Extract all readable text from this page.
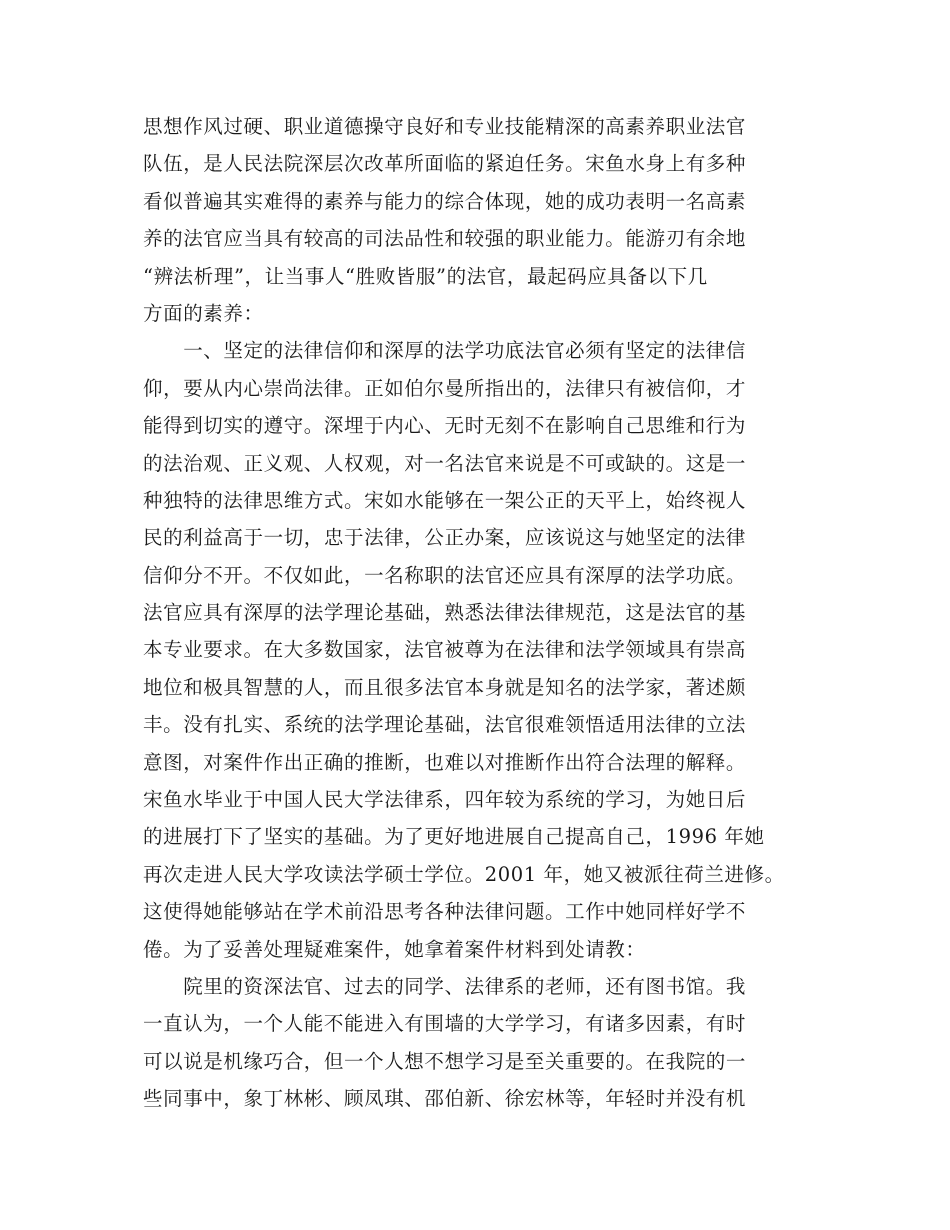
思想作风过硬、职业道德操守良好和专业技能精深的高素养职业法官
队伍，是人民法院深层次改革所面临的紧迫任务。宋鱼水身上有多种
看似普遍其实难得的素养与能力的综合体现，她的成功表明一名高素
养的法官应当具有较高的司法品性和较强的职业能力。能游刃有余地
“辨法析理”，让当事人“胜败皆服”的法官，最起码应具备以下几
方面的素养：
　　一、坚定的法律信仰和深厚的法学功底法官必须有坚定的法律信
仰，要从内心崇尚法律。正如伯尔曼所指出的，法律只有被信仰，才
能得到切实的遵守。深埋于内心、无时无刻不在影响自己思维和行为
的法治观、正义观、人权观，对一名法官来说是不可或缺的。这是一
种独特的法律思维方式。宋如水能够在一架公正的天平上，始终视人
民的利益高于一切，忠于法律，公正办案，应该说这与她坚定的法律
信仰分不开。不仅如此，一名称职的法官还应具有深厚的法学功底。
法官应具有深厚的法学理论基础，熟悉法律法律规范，这是法官的基
本专业要求。在大多数国家，法官被尊为在法律和法学领域具有崇高
地位和极具智慧的人，而且很多法官本身就是知名的法学家，著述颇
丰。没有扎实、系统的法学理论基础，法官很难领悟适用法律的立法
意图，对案件作出正确的推断，也难以对推断作出符合法理的解释。
宋鱼水毕业于中国人民大学法律系，四年较为系统的学习，为她日后
的进展打下了坚实的基础。为了更好地进展自己提高自己，1996 年她
再次走进人民大学攻读法学硕士学位。2001 年，她又被派往荷兰进修。
这使得她能够站在学术前沿思考各种法律问题。工作中她同样好学不
倦。为了妥善处理疑难案件，她拿着案件材料到处请教：
　　院里的资深法官、过去的同学、法律系的老师，还有图书馆。我
一直认为，一个人能不能进入有围墙的大学学习，有诸多因素，有时
可以说是机缘巧合，但一个人想不想学习是至关重要的。在我院的一
些同事中，象丁林彬、顾凤琪、邵伯新、徐宏林等，年轻时并没有机
